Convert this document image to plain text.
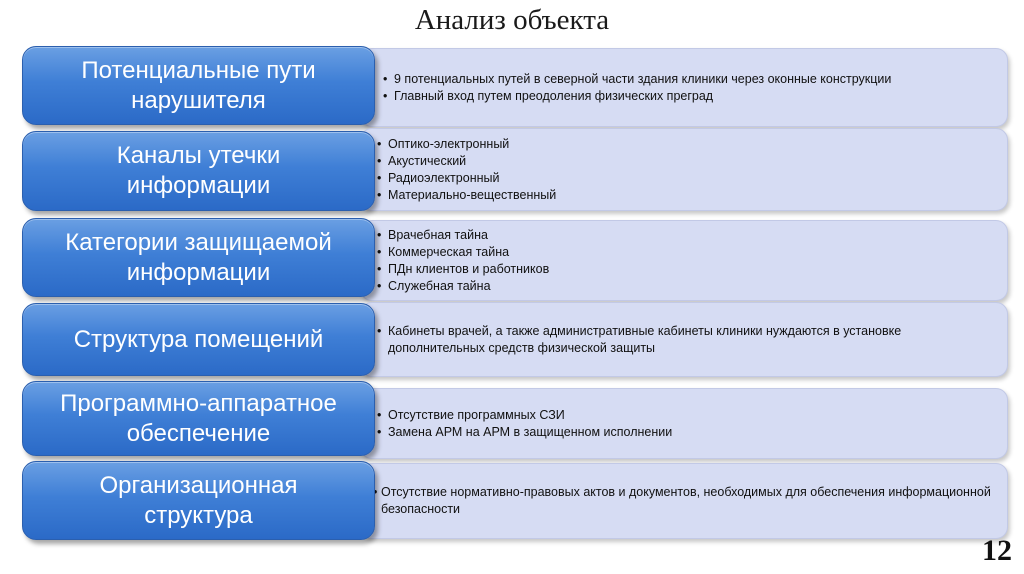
Анализ объекта
• 9 потенциальных путей в северной части здания клиники через оконные конструкции
• Главный вход путем преодоления физических преград
Потенциальные пути
нарушителя
• Оптико-электронный
• Акустический
• Радиоэлектронный
• Материально-вещественный
Каналы утечки
информации
• Врачебная тайна
• Коммерческая тайна
• ПДн клиентов и работников
• Служебная тайна
Категории защищаемой
информации
• Кабинеты врачей, а также административные кабинеты клиники нуждаются в установке дополнительных средств физической защиты
Структура помещений
• Отсутствие программных СЗИ
• Замена АРМ на АРМ в защищенном исполнении
Программно-аппаратное
обеспечение
• Отсутствие нормативно-правовых актов и документов, необходимых для обеспечения информационной безопасности
Организационная
структура
12
